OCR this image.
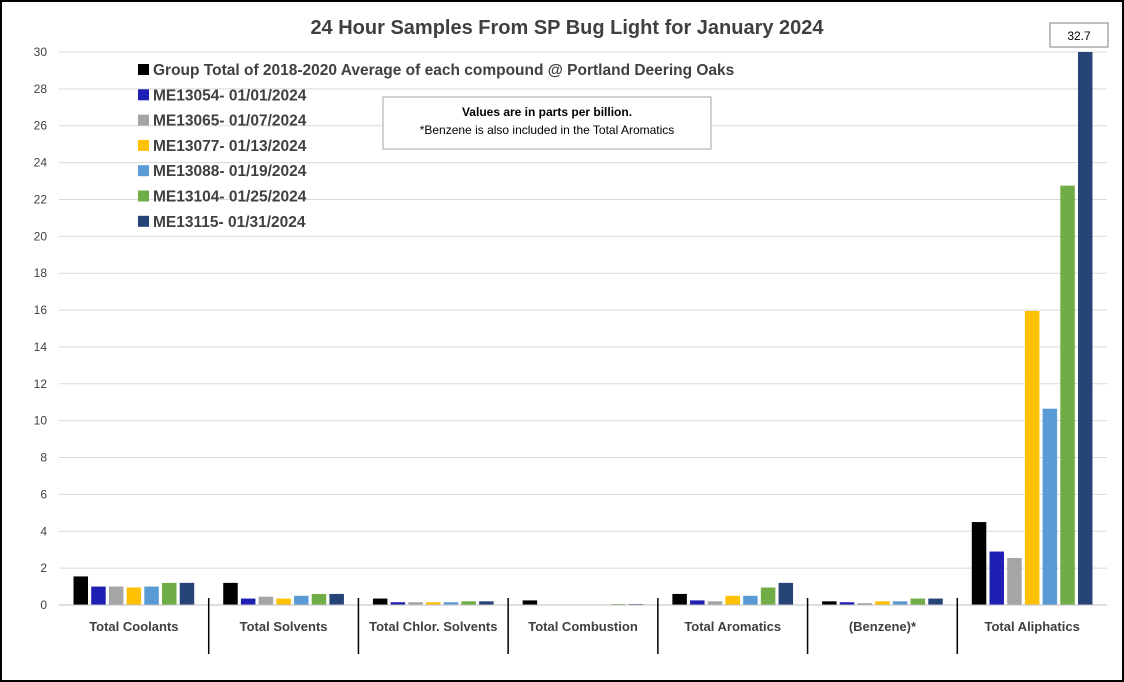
24 Hour Samples From SP Bug Light for January 2024
0
2
4
6
8
10
12
14
16
18
20
22
24
26
28
30
Total Coolants	Total Solvents	Total Chlor. Solvents Total Combustion	Total Aromatics	(Benzene)*	Total Aliphatics
Group Total of 2018-2020 Average of each compound @ Portland Deering Oaks
ME13054- 01/01/2024
ME13065- 01/07/2024
ME13077- 01/13/2024
ME13088- 01/19/2024
ME13104- 01/25/2024
ME13115- 01/31/2024
Values are in parts per billion.
*Benzene is also included in the Total Aromatics
32.7
